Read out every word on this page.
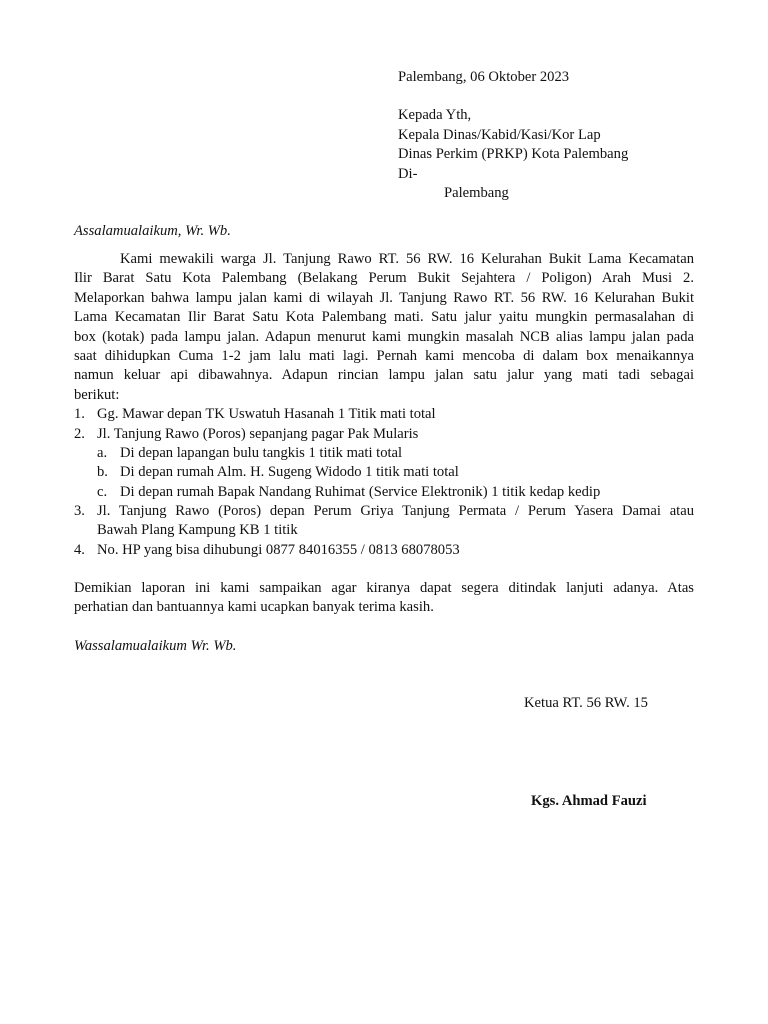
Palembang, 06 Oktober 2023
Kepada Yth,
Kepala Dinas/Kabid/Kasi/Kor Lap
Dinas Perkim (PRKP) Kota Palembang
Di-
Palembang
Assalamualaikum, Wr. Wb.
Kami mewakili warga Jl. Tanjung Rawo RT. 56 RW. 16 Kelurahan Bukit Lama Kecamatan
Ilir Barat Satu Kota Palembang (Belakang Perum Bukit Sejahtera / Poligon) Arah Musi 2.
Melaporkan bahwa lampu jalan kami di wilayah Jl. Tanjung Rawo RT. 56 RW. 16 Kelurahan Bukit
Lama Kecamatan Ilir Barat Satu Kota Palembang mati. Satu jalur yaitu mungkin permasalahan di
box (kotak) pada lampu jalan. Adapun menurut kami mungkin masalah NCB alias lampu jalan pada
saat dihidupkan Cuma 1-2 jam lalu mati lagi. Pernah kami mencoba di dalam box menaikannya
namun keluar api dibawahnya. Adapun rincian lampu jalan satu jalur yang mati tadi sebagai
berikut:
1. Gg. Mawar depan TK Uswatuh Hasanah 1 Titik mati total
2. Jl. Tanjung Rawo (Poros) sepanjang pagar Pak Mularis
a. Di depan lapangan bulu tangkis 1 titik mati total
b. Di depan rumah Alm. H. Sugeng Widodo 1 titik mati total
c. Di depan rumah Bapak Nandang Ruhimat (Service Elektronik) 1 titik kedap kedip
3. Jl. Tanjung Rawo (Poros) depan Perum Griya Tanjung Permata / Perum Yasera Damai atau
Bawah Plang Kampung KB 1 titik
4. No. HP yang bisa dihubungi 0877 84016355 / 0813 68078053
Demikian laporan ini kami sampaikan agar kiranya dapat segera ditindak lanjuti adanya. Atas
perhatian dan bantuannya kami ucapkan banyak terima kasih.
Wassalamualaikum Wr. Wb.
Ketua RT. 56 RW. 15
Kgs. Ahmad Fauzi
